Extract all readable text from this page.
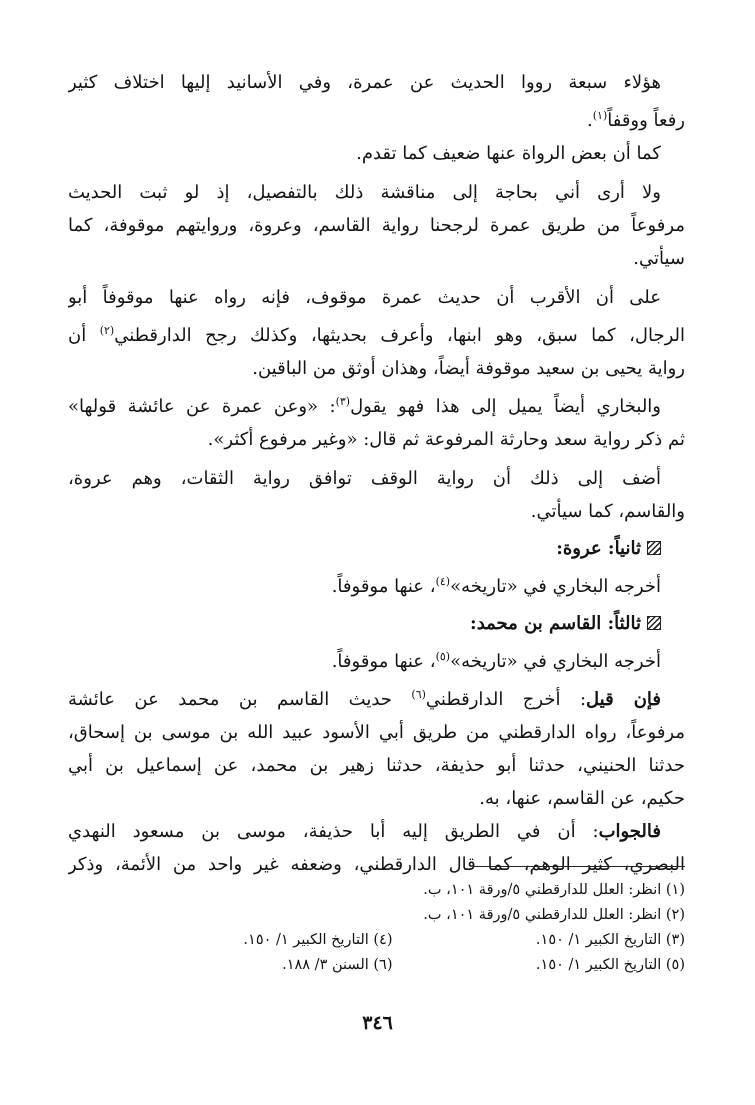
هؤلاء سبعة رووا الحديث عن عمرة، وفي الأسانيد إليها اختلاف كثير
رفعاً ووقفاً$^{(١)}$.
كما أن بعض الرواة عنها ضعيف كما تقدم.
ولا أرى أني بحاجة إلى مناقشة ذلك بالتفصيل، إذ لو ثبت الحديث
مرفوعاً من طريق عمرة لرجحنا رواية القاسم، وعروة، وروايتهم موقوفة، كما
سيأتي.
على أن الأقرب أن حديث عمرة موقوف، فإنه رواه عنها موقوفاً أبو
الرجال، كما سبق، وهو ابنها، وأعرف بحديثها، وكذلك رجح الدارقطني$^{(٢)}$ أن
رواية يحيى بن سعيد موقوفة أيضاً، وهذان أوثق من الباقين.
والبخاري أيضاً يميل إلى هذا فهو يقول$^{(٣)}$: «وعن عمرة عن عائشة قولها»
ثم ذكر رواية سعد وحارثة المرفوعة ثم قال: «وغير مرفوع أكثر».
أضف إلى ذلك أن رواية الوقف توافق رواية الثقات، وهم عروة،
والقاسم، كما سيأتي.
ثانياً: عروة:
أخرجه البخاري في «تاريخه»$^{(٤)}$، عنها موقوفاً.
ثالثاً: القاسم بن محمد:
أخرجه البخاري في «تاريخه»$^{(٥)}$، عنها موقوفاً.
فإن قيل: أخرج الدارقطني$^{(٦)}$ حديث القاسم بن محمد عن عائشة
مرفوعاً، رواه الدارقطني من طريق أبي الأسود عبيد الله بن موسى بن إسحاق،
حدثنا الحنيني، حدثنا أبو حذيفة، حدثنا زهير بن محمد، عن إسماعيل بن أبي
حكيم، عن القاسم، عنها، به.
فالجواب: أن في الطريق إليه أبا حذيفة، موسى بن مسعود النهدي
البصري، كثير الوهم، كما قال الدارقطني، وضعفه غير واحد من الأئمة، وذكر
(١) انظر: العلل للدارقطني ٥/ورقة ١٠١، ب.
(٢) انظر: العلل للدارقطني ٥/ورقة ١٠١، ب.
(٣) التاريخ الكبير ١/ ١٥٠.
(٤) التاريخ الكبير ١/ ١٥٠.
(٥) التاريخ الكبير ١/ ١٥٠.
(٦) السنن ٣/ ١٨٨.
٣٤٦
